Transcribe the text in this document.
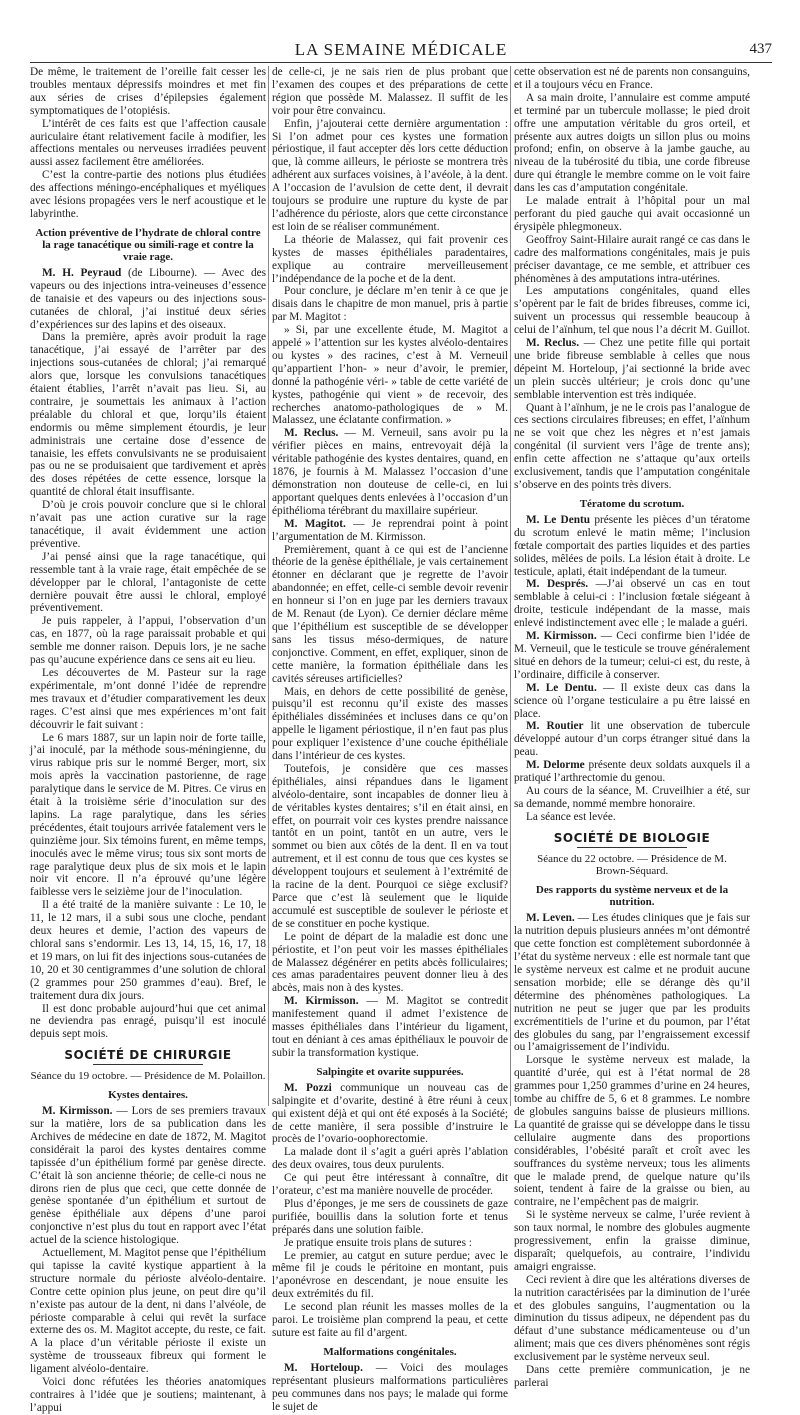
LA SEMAINE MÉDICALE	437

De même, le traitement de l’oreille fait cesser les troubles mentaux dépressifs moindres et met fin aux séries de crises d’épilepsies également symptomatiques de l’otopiésis.

L’intérêt de ces faits est que l’affection causale auriculaire étant relativement facile à modifier, les affections mentales ou nerveuses irradiées peuvent aussi assez facilement être améliorées.

C’est la contre-partie des notions plus étudiées des affections méningo-encéphaliques et myéliques avec lésions propagées vers le nerf acoustique et le labyrinthe.

Action préventive de l’hydrate de chloral contre la rage tanacétique ou simili-rage et contre la vraie rage.

M. H. Peyraud (de Libourne). — Avec des vapeurs ou des injections intra-veineuses d’essence de tanaisie et des vapeurs ou des injections sous-cutanées de chloral, j’ai institué deux séries d’expériences sur des lapins et des oiseaux.

Dans la première, après avoir produit la rage tanacétique, j’ai essayé de l’arrêter par des injections sous-cutanées de chloral; j’ai remarqué alors que, lorsque les convulsions tanacétiques étaient établies, l’arrêt n’avait pas lieu. Si, au contraire, je soumettais les animaux à l’action préalable du chloral et que, lorqu’ils étaient endormis ou même simplement étourdis, je leur administrais une certaine dose d’essence de tanaisie, les effets convulsivants ne se produisaient pas ou ne se produisaient que tardivement et après des doses répétées de cette essence, lorsque la quantité de chloral était insuffisante.

D’où je crois pouvoir conclure que si le chloral n’avait pas une action curative sur la rage tanacétique, il avait évidemment une action préventive.

J’ai pensé ainsi que la rage tanacétique, qui ressemble tant à la vraie rage, était empêchée de se développer par le chloral, l’antagoniste de cette dernière pouvait être aussi le chloral, employé préventivement.

Je puis rappeler, à l’appui, l’observation d’un cas, en 1877, où la rage paraissait probable et qui semble me donner raison. Depuis lors, je ne sache pas qu’aucune expérience dans ce sens ait eu lieu.

Les découvertes de M. Pasteur sur la rage expérimentale, m’ont donné l’idée de reprendre mes travaux et d’étudier comparativement les deux rages. C’est ainsi que mes expériences m’ont fait découvrir le fait suivant :

Le 6 mars 1887, sur un lapin noir de forte taille, j’ai inoculé, par la méthode sous-méningienne, du virus rabique pris sur le nommé Berger, mort, six mois après la vaccination pastorienne, de rage paralytique dans le service de M. Pitres. Ce virus en était à la troisième série d’inoculation sur des lapins. La rage paralytique, dans les séries précédentes, était toujours arrivée fatalement vers le quinzième jour. Six témoins furent, en même temps, inoculés avec le même virus; tous six sont morts de rage paralytique deux plus de six mois et le lapin noir vit encore. Il n’a éprouvé qu’une légère faiblesse vers le seizième jour de l’inoculation.

Il a été traité de la manière suivante : Le 10, le 11, le 12 mars, il a subi sous une cloche, pendant deux heures et demie, l’action des vapeurs de chloral sans s’endormir. Les 13, 14, 15, 16, 17, 18 et 19 mars, on lui fit des injections sous-cutanées de 10, 20 et 30 centigrammes d’une solution de chloral (2 grammes pour 250 grammes d’eau). Bref, le traitement dura dix jours.

Il est donc probable aujourd’hui que cet animal ne deviendra pas enragé, puisqu’il est inoculé depuis sept mois.

SOCIÉTÉ DE CHIRURGIE
Séance du 19 octobre. — Présidence de M. Polaillon.
Kystes dentaires.

M. Kirmisson. — Lors de ses premiers travaux sur la matière, lors de sa publication dans les Archives de médecine en date de 1872, M. Magitot considérait la paroi des kystes dentaires comme tapissée d’un épithélium formé par genèse directe. C’était là son ancienne théorie; de celle-ci nous ne dirons rien de plus que ceci, que cette donnée de genèse spontanée d’un épithélium et surtout de genèse épithéliale aux dépens d’une paroi conjonctive n’est plus du tout en rapport avec l’état actuel de la science histologique.

Actuellement, M. Magitot pense que l’épithélium qui tapisse la cavité kystique appartient à la structure normale du périoste alvéolo-dentaire. Contre cette opinion plus jeune, on peut dire qu’il n’existe pas autour de la dent, ni dans l’alvéole, de périoste comparable à celui qui revêt la surface externe des os. M. Magitot accepte, du reste, ce fait. A la place d’un véritable périoste il existe un système de trousseaux fibreux qui forment le ligament alvéolo-dentaire.

Voici donc réfutées les théories anatomiques contraires à l’idée que je soutiens; maintenant, à l’appui

de celle-ci, je ne sais rien de plus probant que l’examen des coupes et des préparations de cette région que possède M. Malassez. Il suffit de les voir pour être convaincu.

Enfin, j’ajouterai cette dernière argumentation : Si l’on admet pour ces kystes une formation périostique, il faut accepter dès lors cette déduction que, là comme ailleurs, le périoste se montrera très adhérent aux surfaces voisines, à l’avéole, à la dent. A l’occasion de l’avulsion de cette dent, il devrait toujours se produire une rupture du kyste de par l’adhérence du périoste, alors que cette circonstance est loin de se réaliser communément.

La théorie de Malassez, qui fait provenir ces kystes de masses épithéliales paradentaires, explique au contraire merveilleusement l’indépendance de la poche et de la dent.

Pour conclure, je déclare m’en tenir à ce que je disais dans le chapitre de mon manuel, pris à partie par M. Magitot :

» Si, par une excellente étude, M. Magitot a appelé » l’attention sur les kystes alvéolo-dentaires ou kystes » des racines, c’est à M. Verneuil qu’appartient l’hon- » neur d’avoir, le premier, donné la pathogénie véri- » table de cette variété de kystes, pathogénie qui vient » de recevoir, des recherches anatomo-pathologiques de » M. Malassez, une éclatante confirmation. »

M. Reclus. — M. Verneuil, sans avoir pu la vérifier pièces en mains, entrevoyait déjà la véritable pathogénie des kystes dentaires, quand, en 1876, je fournis à M. Malassez l’occasion d’une démonstration non douteuse de celle-ci, en lui apportant quelques dents enlevées à l’occasion d’un épithélioma térébrant du maxillaire supérieur.

M. Magitot. — Je reprendrai point à point l’argumentation de M. Kirmisson.

Premièrement, quant à ce qui est de l’ancienne théorie de la genèse épithéliale, je vais certainement étonner en déclarant que je regrette de l’avoir abandonnée; en effet, celle-ci semble devoir revenir en honneur si l’on en juge par les derniers travaux de M. Renaut (de Lyon). Ce dernier déclare même que l’épithélium est susceptible de se développer sans les tissus méso-dermiques, de nature conjonctive. Comment, en effet, expliquer, sinon de cette manière, la formation épithéliale dans les cavités séreuses artificielles?

Mais, en dehors de cette possibilité de genèse, puisqu’il est reconnu qu’il existe des masses épithéliales disséminées et incluses dans ce qu’on appelle le ligament périostique, il n’en faut pas plus pour expliquer l’existence d’une couche épithéliale dans l’intérieur de ces kystes.

Toutefois, je considère que ces masses épithéliales, ainsi répandues dans le ligament alvéolo-dentaire, sont incapables de donner lieu à de véritables kystes dentaires; s’il en était ainsi, en effet, on pourrait voir ces kystes prendre naissance tantôt en un point, tantôt en un autre, vers le sommet ou bien aux côtés de la dent. Il en va tout autrement, et il est connu de tous que ces kystes se développent toujours et seulement à l’extrémité de la racine de la dent. Pourquoi ce siège exclusif? Parce que c’est là seulement que le liquide accumulé est susceptible de soulever le périoste et de se constituer en poche kystique.

Le point de départ de la maladie est donc une périostite, et l’on peut voir les masses épithéliales de Malassez dégénérer en petits abcès folliculaires; ces amas paradentaires peuvent donner lieu à des abcès, mais non à des kystes.

M. Kirmisson. — M. Magitot se contredit manifestement quand il admet l’existence de masses épithéliales dans l’intérieur du ligament, tout en déniant à ces amas épithéliaux le pouvoir de subir la transformation kystique.

Salpingite et ovarite suppurées.

M. Pozzi communique un nouveau cas de salpingite et d’ovarite, destiné à être réuni à ceux qui existent déjà et qui ont été exposés à la Société; de cette manière, il sera possible d’instruire le procès de l’ovario-oophorectomie.

La malade dont il s’agit a guéri après l’ablation des deux ovaires, tous deux purulents.

Ce qui peut être intéressant à connaître, dit l’orateur, c’est ma manière nouvelle de procéder.

Plus d’éponges, je me sers de coussinets de gaze purifiée, bouillis dans la solution forte et tenus préparés dans une solution faible.

Je pratique ensuite trois plans de sutures :

Le premier, au catgut en suture perdue; avec le même fil je couds le péritoine en montant, puis l’aponévrose en descendant, je noue ensuite les deux extrémités du fil.

Le second plan réunit les masses molles de la paroi. Le troisième plan comprend la peau, et cette suture est faite au fil d’argent.

Malformations congénitales.

M. Horteloup. — Voici des moulages représentant plusieurs malformations particulières peu communes dans nos pays; le malade qui forme le sujet de

cette observation est né de parents non consanguins, et il a toujours vécu en France.

A sa main droite, l’annulaire est comme amputé et terminé par un tubercule mollasse; le pied droit offre une amputation véritable du gros orteil, et présente aux autres doigts un sillon plus ou moins profond; enfin, on observe à la jambe gauche, au niveau de la tubérosité du tibia, une corde fibreuse dure qui étrangle le membre comme on le voit faire dans les cas d’amputation congénitale.

Le malade entrait à l’hôpital pour un mal perforant du pied gauche qui avait occasionné un érysipèle phlegmoneux.

Geoffroy Saint-Hilaire aurait rangé ce cas dans le cadre des malformations congénitales, mais je puis préciser davantage, ce me semble, et attribuer ces phénomènes à des amputations intra-utérines.

Les amputations congénitales, quand elles s’opèrent par le fait de brides fibreuses, comme ici, suivent un processus qui ressemble beaucoup à celui de l’aïnhum, tel que nous l’a décrit M. Guillot.

M. Reclus. — Chez une petite fille qui portait une bride fibreuse semblable à celles que nous dépeint M. Horteloup, j’ai sectionné la bride avec un plein succès ultérieur; je crois donc qu’une semblable intervention est très indiquée.

Quant à l’aïnhum, je ne le crois pas l’analogue de ces sections circulaires fibreuses; en effet, l’aïnhum ne se voit que chez les nègres et n’est jamais congénital (il survient vers l’âge de trente ans); enfin cette affection ne s’attaque qu’aux orteils exclusivement, tandis que l’amputation congénitale s’observe en des points très divers.

Tératome du scrotum.

M. Le Dentu présente les pièces d’un tératome du scrotum enlevé le matin même; l’inclusion fœtale comportait des parties liquides et des parties solides, mêlées de poils. La lésion était à droite. Le testicule, aplati, était indépendant de la tumeur.

M. Després. —J’ai observé un cas en tout semblable à celui-ci : l’inclusion fœtale siégeant à droite, testicule indépendant de la masse, mais enlevé indistinctement avec elle ; le malade a guéri.

M. Kirmisson. — Ceci confirme bien l’idée de M. Verneuil, que le testicule se trouve généralement situé en dehors de la tumeur; celui-ci est, du reste, à l’ordinaire, difficile à conserver.

M. Le Dentu. — Il existe deux cas dans la science où l’organe testiculaire a pu être laissé en place.

M. Routier lit une observation de tubercule développé autour d’un corps étranger situé dans la peau.

M. Delorme présente deux soldats auxquels il a pratiqué l’arthrectomie du genou.

Au cours de la séance, M. Cruveilhier a été, sur sa demande, nommé membre honoraire.

La séance est levée.

SOCIÉTÉ DE BIOLOGIE
Séance du 22 octobre. — Présidence de M. Brown-Séquard.
Des rapports du système nerveux et de la nutrition.

M. Leven. — Les études cliniques que je fais sur la nutrition depuis plusieurs années m’ont démontré que cette fonction est complètement subordonnée à l’état du système nerveux : elle est normale tant que le système nerveux est calme et ne produit aucune sensation morbide; elle se dérange dès qu’il détermine des phénomènes pathologiques. La nutrition ne peut se juger que par les produits excrémentitiels de l’urine et du poumon, par l’état des globules du sang, par l’engraissement excessif ou l’amaigrissement de l’individu.

Lorsque le système nerveux est malade, la quantité d’urée, qui est à l’état normal de 28 grammes pour 1,250 grammes d’urine en 24 heures, tombe au chiffre de 5, 6 et 8 grammes. Le nombre de globules sanguins baisse de plusieurs millions. La quantité de graisse qui se développe dans le tissu cellulaire augmente dans des proportions considérables, l’obésité paraît et croît avec les souffrances du système nerveux; tous les aliments que le malade prend, de quelque nature qu’ils soient, tendent à faire de la graisse ou bien, au contraire, ne l’empêchent pas de maigrir.

Si le système nerveux se calme, l’urée revient à son taux normal, le nombre des globules augmente progressivement, enfin la graisse diminue, disparaît; quelquefois, au contraire, l’individu amaigri engraisse.

Ceci revient à dire que les altérations diverses de la nutrition caractérisées par la diminution de l’urée et des globules sanguins, l’augmentation ou la diminution du tissus adipeux, ne dépendent pas du défaut d’une substance médicamenteuse ou d’un aliment; mais que ces divers phénomènes sont régis exclusivement par le système nerveux seul.

Dans cette première communication, je ne parlerai
